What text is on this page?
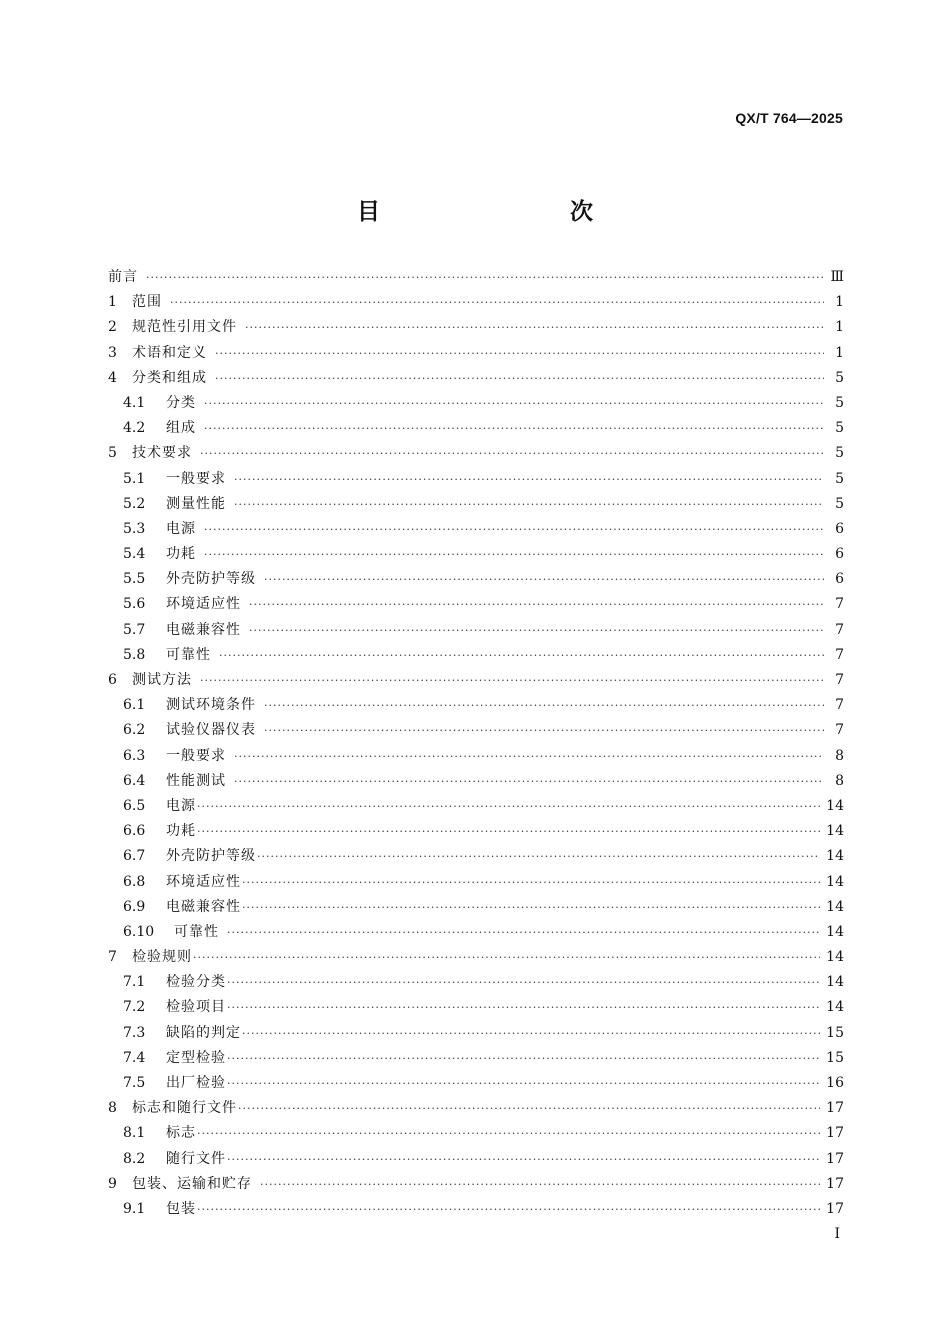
QX/T 764—2025
目　　次
前言 ·····	Ⅲ
1	范围 ·····	1
2	规范性引用文件 ·····	1
3	术语和定义 ·····	1
4	分类和组成 ·····	5
4.1	分类 ·····	5
4.2	组成 ·····	5
5	技术要求 ·····	5
5.1	一般要求 ·····	5
5.2	测量性能 ·····	5
5.3	电源 ·····	6
5.4	功耗 ·····	6
5.5	外壳防护等级 ·····	6
5.6	环境适应性 ·····	7
5.7	电磁兼容性 ·····	7
5.8	可靠性 ·····	7
6	测试方法 ·····	7
6.1	测试环境条件 ·····	7
6.2	试验仪器仪表 ·····	7
6.3	一般要求 ·····	8
6.4	性能测试 ·····	8
6.5	电源 ·····	14
6.6	功耗 ·····	14
6.7	外壳防护等级 ·····	14
6.8	环境适应性 ·····	14
6.9	电磁兼容性 ·····	14
6.10	可靠性 ·····	14
7	检验规则 ·····	14
7.1	检验分类 ·····	14
7.2	检验项目 ·····	14
7.3	缺陷的判定 ·····	15
7.4	定型检验 ·····	15
7.5	出厂检验 ·····	16
8	标志和随行文件 ·····	17
8.1	标志 ·····	17
8.2	随行文件 ·····	17
9	包装、运输和贮存 ·····	17
9.1	包装 ·····	17
I
